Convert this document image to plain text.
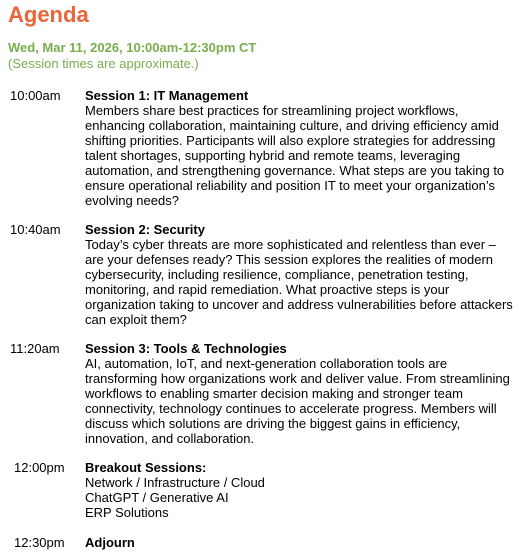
Agenda
Wed, Mar 11, 2026, 10:00am-12:30pm CT
(Session times are approximate.)
10:00am Session 1: IT Management

Members share best practices for streamlining project workflows, enhancing collaboration, maintaining culture, and driving efficiency amid shifting priorities. Participants will also explore strategies for addressing talent shortages, supporting hybrid and remote teams, leveraging automation, and strengthening governance. What steps are you taking to ensure operational reliability and position IT to meet your organization’s evolving needs?

10:40am Session 2: Security

Today’s cyber threats are more sophisticated and relentless than ever – are your defenses ready? This session explores the realities of modern cybersecurity, including resilience, compliance, penetration testing, monitoring, and rapid remediation. What proactive steps is your organization taking to uncover and address vulnerabilities before attackers can exploit them?

11:20am Session 3: Tools & Technologies

AI, automation, IoT, and next-generation collaboration tools are transforming how organizations work and deliver value. From streamlining workflows to enabling smarter decision making and stronger team connectivity, technology continues to accelerate progress. Members will discuss which solutions are driving the biggest gains in efficiency, innovation, and collaboration.

12:00pm Breakout Sessions:
Network / Infrastructure / Cloud
ChatGPT / Generative AI
ERP Solutions
12:30pm Adjourn
